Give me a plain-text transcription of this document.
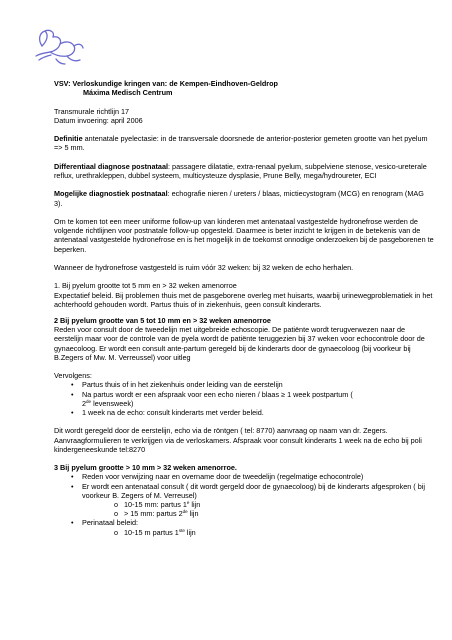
VSV: Verloskundige kringen van: de Kempen-Eindhoven-Geldrop

Máxima Medisch Centrum

Transmurale richtlijn 17

Datum invoering: april 2006

Definitie antenatale pyelectasie: in de transversale doorsnede de anterior-posterior gemeten grootte van het pyelum => 5 mm.

Differentiaal diagnose postnataal: passagere dilatatie, extra-renaal pyelum, subpelviene stenose, vesico-ureterale reflux, urethrakleppen, dubbel systeem, multicysteuze dysplasie, Prune Belly, mega/hydroureter, ECI

Mogelijke diagnostiek postnataal: echografie nieren / ureters / blaas, mictiecystogram (MCG) en renogram (MAG 3).

Om te komen tot een meer uniforme follow-up van kinderen met antenataal vastgestelde hydronefrose werden de volgende richtlijnen voor postnatale follow-up opgesteld. Daarmee is beter inzicht te krijgen in de betekenis van de antenataal vastgestelde hydronefrose en is het mogelijk in de toekomst onnodige onderzoeken bij de pasgeborenen te beperken.

Wanneer de hydronefrose vastgesteld is ruim vóór 32 weken: bij 32 weken de echo herhalen.

1. Bij pyelum grootte tot 5 mm en > 32 weken amenorroe

Expectatief beleid. Bij problemen thuis met de pasgeborene overleg met huisarts, waarbij urinewegproblematiek in het achterhoofd gehouden wordt. Partus thuis of in ziekenhuis, geen consult kinderarts.

2 Bij pyelum grootte van 5 tot 10 mm en > 32 weken amenorroe

Reden voor consult door de tweedelijn met uitgebreide echoscopie. De patiënte wordt terugverwezen naar de eerstelijn maar voor de controle van de pyela wordt de patiënte teruggezien bij 37 weken voor echocontrole door de gynaecoloog. Er wordt een consult ante-partum geregeld bij de kinderarts door de gynaecoloog (bij voorkeur bij B.Zegers of Mw. M. Verreussel) voor uitleg

Vervolgens:

• Partus thuis of in het ziekenhuis onder leiding van de eerstelijn
• Na partus wordt er een afspraak voor een echo nieren / blaas ≥ 1 week postpartum (
2de levensweek)
• 1 week na de echo: consult kinderarts met verder beleid.

Dit wordt geregeld door de eerstelijn, echo via de röntgen ( tel: 8770) aanvraag op naam van dr. Zegers. Aanvraagformulieren te verkrijgen via de verloskamers. Afspraak voor consult kinderarts 1 week na de echo bij poli kindergeneeskunde tel:8270

3 Bij pyelum grootte > 10 mm > 32 weken amenorroe.

• Reden voor verwijzing naar en overname door de tweedelijn (regelmatige echocontrole)
• Er wordt een antenataal consult ( dit wordt gergeld door de gynaecoloog) bij de kinderarts afgesproken ( bij voorkeur B. Zegers of M. Verreusel)
o 10-15 mm: partus 1e lijn
o > 15 mm: partus 2de lijn
• Perinataal beleid:
o 10-15 m partus 1ste lijn
